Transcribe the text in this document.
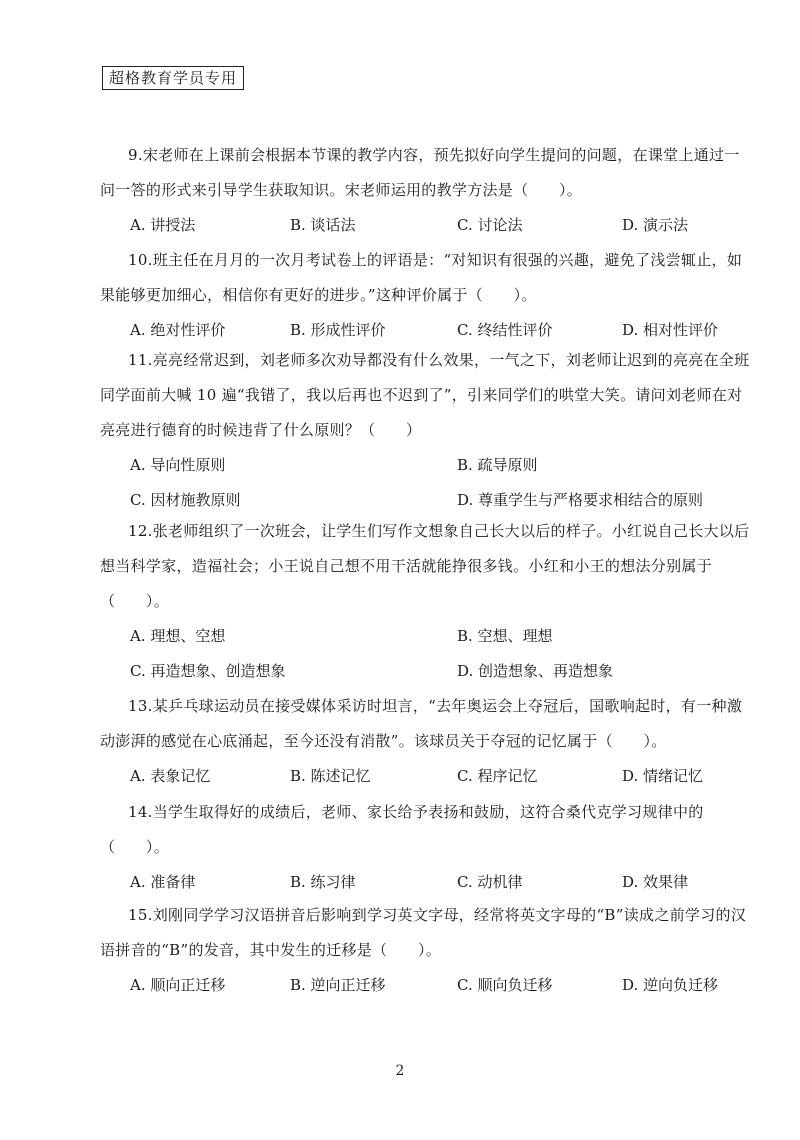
超格教育学员专用

9.宋老师在上课前会根据本节课的教学内容，预先拟好向学生提问的问题，在课堂上通过一问一答的形式来引导学生获取知识。宋老师运用的教学方法是（　　）。

A. 讲授法	B. 谈话法	C. 讨论法	D. 演示法

10.班主任在月月的一次月考试卷上的评语是：“对知识有很强的兴趣，避免了浅尝辄止，如果能够更加细心，相信你有更好的进步。”这种评价属于（　　）。

A. 绝对性评价	B. 形成性评价	C. 终结性评价	D. 相对性评价

11.亮亮经常迟到，刘老师多次劝导都没有什么效果，一气之下，刘老师让迟到的亮亮在全班同学面前大喊 10 遍“我错了，我以后再也不迟到了”，引来同学们的哄堂大笑。请问刘老师在对亮亮进行德育的时候违背了什么原则？（　　）

A. 导向性原则	B. 疏导原则
C. 因材施教原则	D. 尊重学生与严格要求相结合的原则

12.张老师组织了一次班会，让学生们写作文想象自己长大以后的样子。小红说自己长大以后想当科学家，造福社会；小王说自己想不用干活就能挣很多钱。小红和小王的想法分别属于（　　）。

A. 理想、空想	B. 空想、理想
C. 再造想象、创造想象	D. 创造想象、再造想象

13.某乒乓球运动员在接受媒体采访时坦言，“去年奥运会上夺冠后，国歌响起时，有一种激动澎湃的感觉在心底涌起，至今还没有消散”。该球员关于夺冠的记忆属于（　　）。

A. 表象记忆	B. 陈述记忆	C. 程序记忆	D. 情绪记忆

14.当学生取得好的成绩后，老师、家长给予表扬和鼓励，这符合桑代克学习规律中的（　　）。

A. 准备律	B. 练习律	C. 动机律	D. 效果律

15.刘刚同学学习汉语拼音后影响到学习英文字母，经常将英文字母的“B”读成之前学习的汉语拼音的“B”的发音，其中发生的迁移是（　　）。

A. 顺向正迁移	B. 逆向正迁移	C. 顺向负迁移	D. 逆向负迁移
2
